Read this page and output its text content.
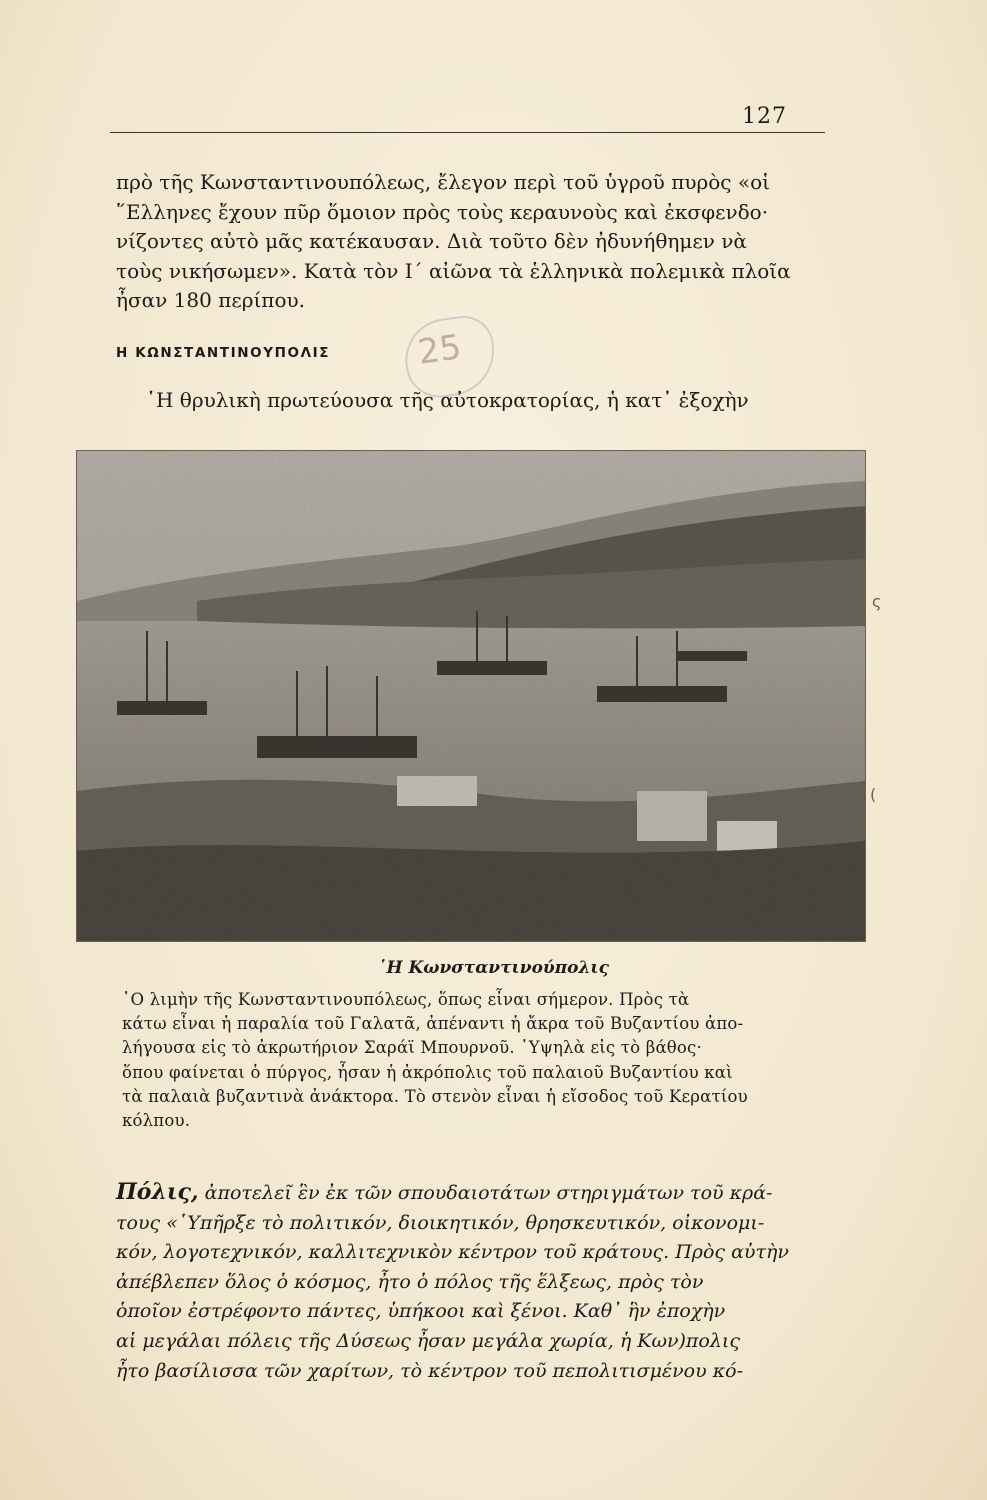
127
πρὸ τῆς Κωνσταντινουπόλεως, ἔλεγον περὶ τοῦ ὑγροῦ πυρὸς «οἱ
῞Ελληνες ἔχουν πῦρ ὅμοιον πρὸς τοὺς κεραυνοὺς καὶ ἐκσφενδο·
νίζοντες αὐτὸ μᾶς κατέκαυσαν. Διὰ τοῦτο δὲν ἠδυνήθημεν νὰ
τοὺς νικήσωμεν». Κατὰ τὸν Ι΄ αἰῶνα τὰ ἑλληνικὰ πολεμικὰ πλοῖα
ἦσαν 180 περίπου.
25
Η ΚΩΝΣΤΑΝΤΙΝΟΥΠΟΛΙΣ
῾Η θρυλικὴ πρωτεύουσα τῆς αὐτοκρατορίας, ἡ κατ᾿ ἐξοχὴν
῾Η Κωνσταντινούπολις
῾Ο λιμὴν τῆς Κωνσταντινουπόλεως, ὅπως εἶναι σήμερον. Πρὸς τὰ
κάτω εἶναι ἡ παραλία τοῦ Γαλατᾶ, ἀπέναντι ἡ ἄκρα τοῦ Βυζαντίου ἀπο-
λήγουσα εἰς τὸ ἀκρωτήριον Σαράϊ Μπουρνοῦ. ῾Υψηλὰ εἰς τὸ βάθος·
ὅπου φαίνεται ὁ πύργος, ἦσαν ἡ ἀκρόπολις τοῦ παλαιοῦ Βυζαντίου καὶ
τὰ παλαιὰ βυζαντινὰ ἀνάκτορα. Τὸ στενὸν εἶναι ἡ εἴσοδος τοῦ Κερατίου
κόλπου.
Πόλις, ἀποτελεῖ ἓν ἐκ τῶν σπουδαιοτάτων στηριγμάτων τοῦ κρά-
τους «῾Υπῆρξε τὸ πολιτικόν, διοικητικόν, θρησκευτικόν, οἰκονομι-
κόν, λογοτεχνικόν, καλλιτεχνικὸν κέντρον τοῦ κράτους. Πρὸς αὐτὴν
ἀπέβλεπεν ὅλος ὁ κόσμος, ἦτο ὁ πόλος τῆς ἕλξεως, πρὸς τὸν
ὁποῖον ἐστρέφοντο πάντες, ὑπήκοοι καὶ ξένοι. Καθ᾿ ἣν ἐποχὴν
αἱ μεγάλαι πόλεις τῆς Δύσεως ἦσαν μεγάλα χωρία, ἡ Κων)πολις
ἦτο βασίλισσα τῶν χαρίτων, τὸ κέντρον τοῦ πεπολιτισμένου κό-
ς
(
